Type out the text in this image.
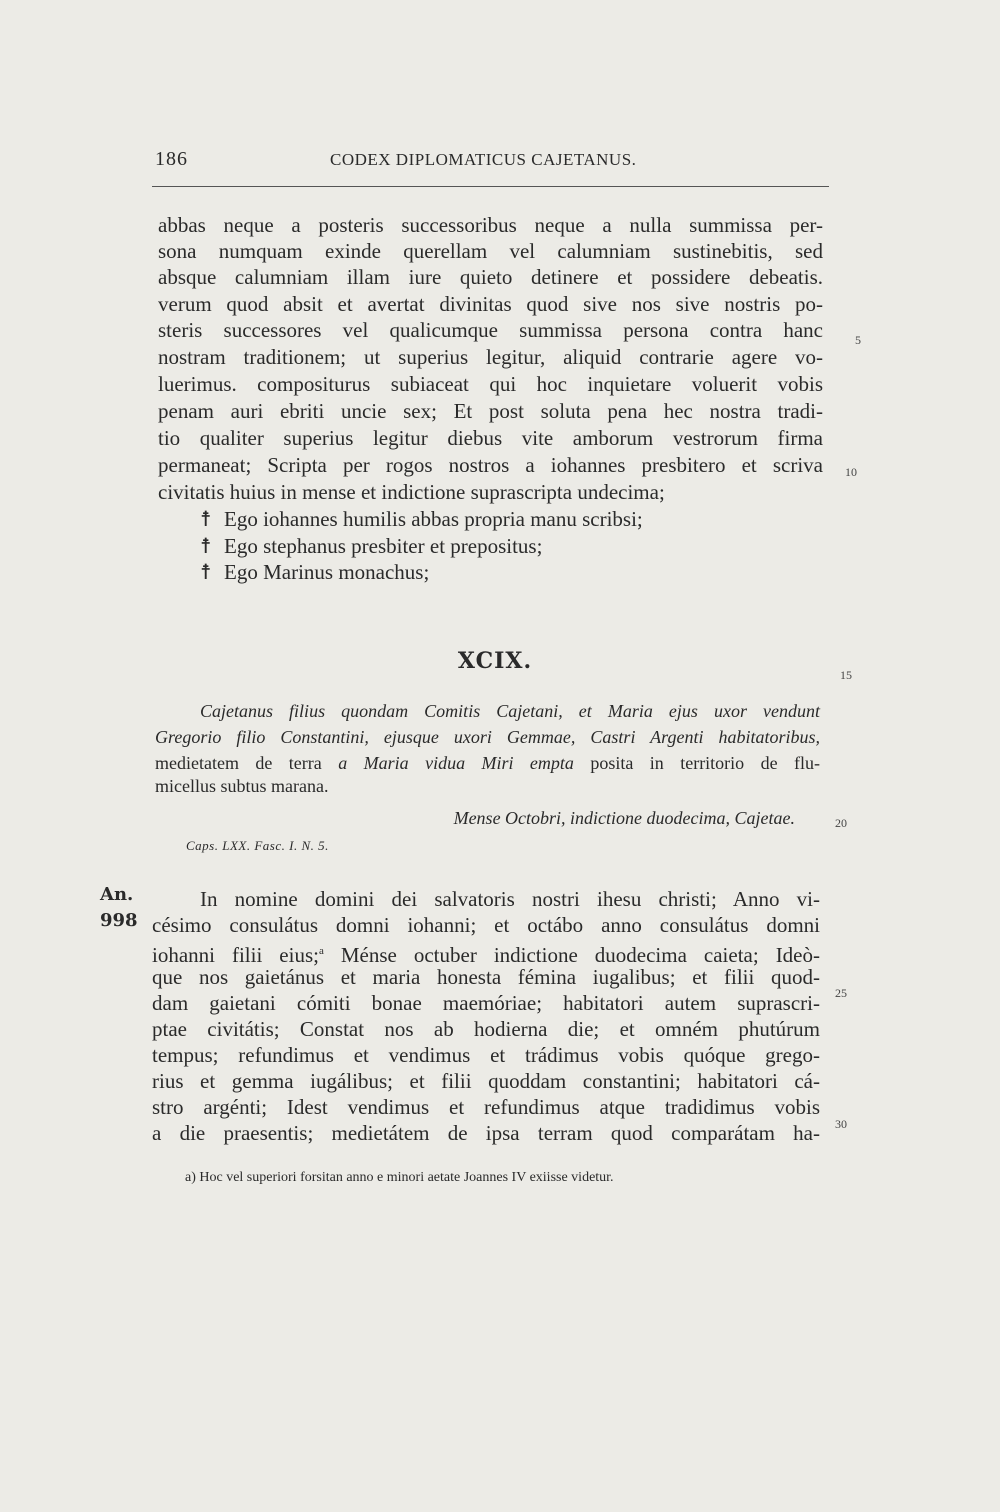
186	CODEX DIPLOMATICUS CAJETANUS.
abbas neque a posteris successoribus neque a nulla summissa per-
sona numquam exinde querellam vel calumniam sustinebitis, sed
absque calumniam illam iure quieto detinere et possidere debeatis.
verum quod absit et avertat divinitas quod sive nos sive nostris po-
steris successores vel qualicumque summissa persona contra hanc
nostram traditionem; ut superius legitur, aliquid contrarie agere vo-
luerimus. compositurus subiaceat qui hoc inquietare voluerit vobis
penam auri ebriti uncie sex; Et post soluta pena hec nostra tradi-
tio qualiter superius legitur diebus vite amborum vestrorum firma
permaneat; Scripta per rogos nostros a iohannes presbitero et scriva
civitatis huius in mense et indictione suprascripta undecima;
☨ Ego iohannes humilis abbas propria manu scribsi;
☨ Ego stephanus presbiter et prepositus;
☨ Ego Marinus monachus;
5
10
15
20
25
30
XCIX.
Cajetanus filius quondam Comitis Cajetani, et Maria ejus uxor vendunt
Gregorio filio Constantini, ejusque uxori Gemmae, Castri Argenti habitatoribus,
medietatem de terra a Maria vidua Miri empta posita in territorio de flu-
micellus subtus marana.
Mense Octobri, indictione duodecima, Cajetae.
Caps. LXX. Fasc. I. N. 5.
An.
998
In nomine domini dei salvatoris nostri ihesu christi; Anno vi-
césimo consulátus domni iohanni; et octábo anno consulátus domni
iohanni filii eius;$^a$ Ménse octuber indictione duodecima caieta; Ideò-
que nos gaietánus et maria honesta fémina iugalibus; et filii quod-
dam gaietani cómiti bonae maemóriae; habitatori autem suprascri-
ptae civitátis; Constat nos ab hodierna die; et omném phutúrum
tempus; refundimus et vendimus et trádimus vobis quóque grego-
rius et gemma iugálibus; et filii quoddam constantini; habitatori cá-
stro argénti; Idest vendimus et refundimus atque tradidimus vobis
a die praesentis; medietátem de ipsa terram quod comparátam ha-
a) Hoc vel superiori forsitan anno e minori aetate Joannes IV exiisse videtur.
